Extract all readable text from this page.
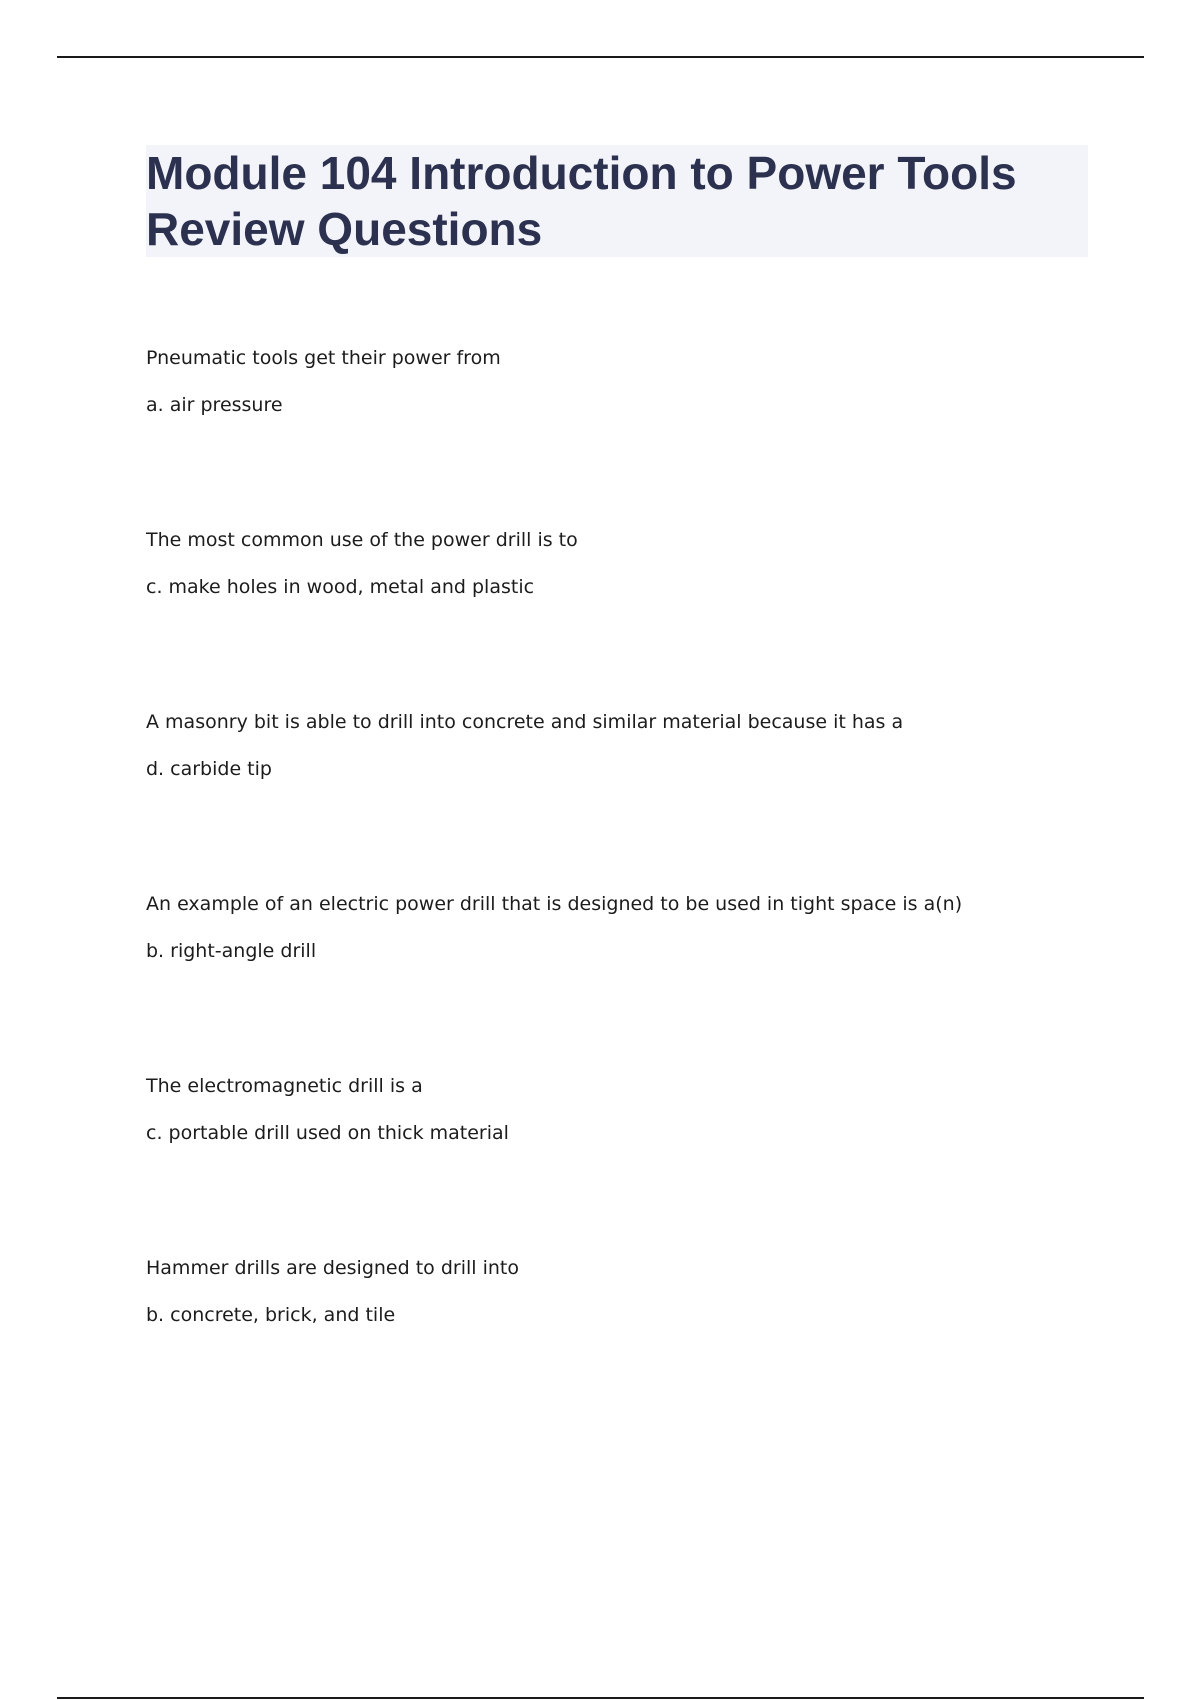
Module 104 Introduction to Power Tools Review Questions
Pneumatic tools get their power from
a. air pressure
The most common use of the power drill is to
c. make holes in wood, metal and plastic
A masonry bit is able to drill into concrete and similar material because it has a
d. carbide tip
An example of an electric power drill that is designed to be used in tight space is a(n)
b. right-angle drill
The electromagnetic drill is a
c. portable drill used on thick material
Hammer drills are designed to drill into
b. concrete, brick, and tile
